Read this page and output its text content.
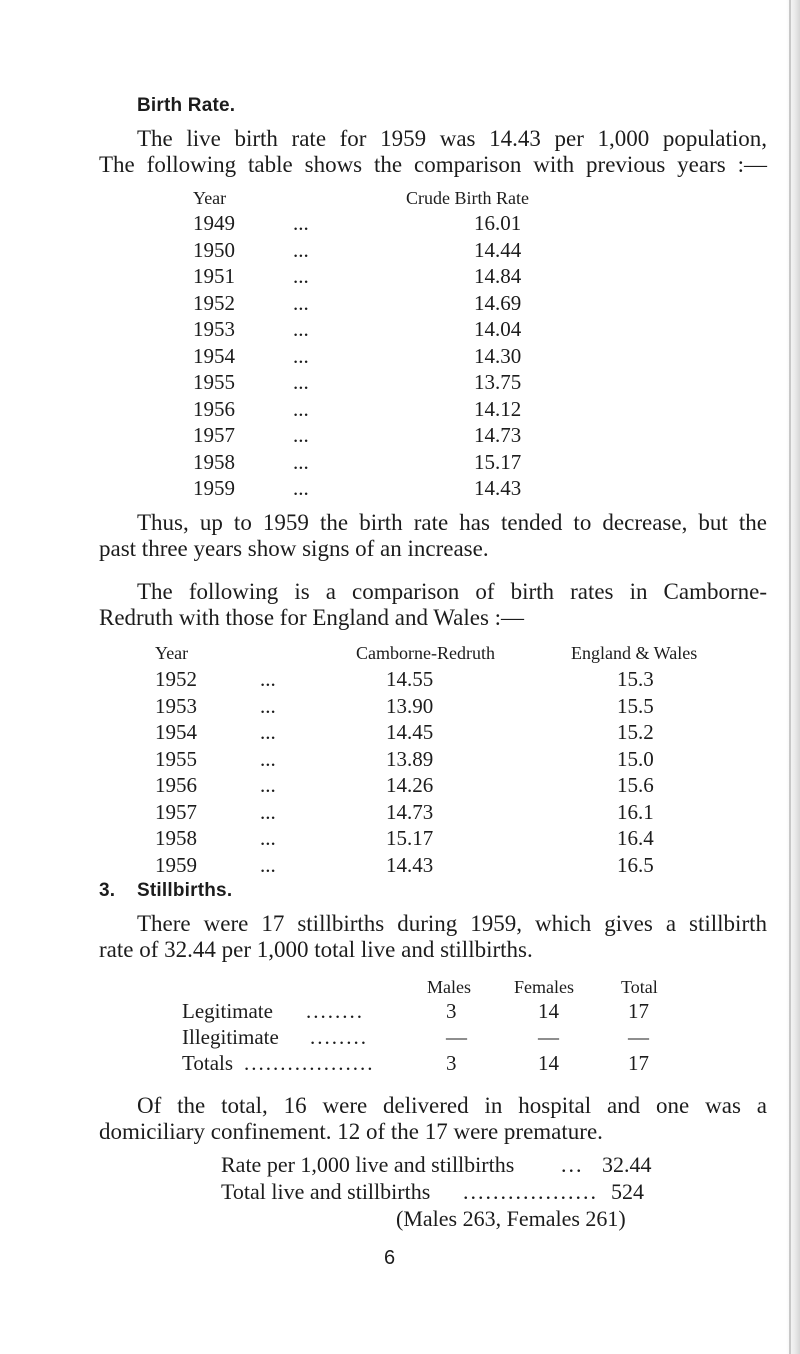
Birth Rate.
The live birth rate for 1959 was 14.43 per 1,000 population,
The following table shows the comparison with previous years :—
Year	Crude Birth Rate
1949	...	16.01
1950	...	14.44
1951	...	14.84
1952	...	14.69
1953	...	14.04
1954	...	14.30
1955	...	13.75
1956	...	14.12
1957	...	14.73
1958	...	15.17
1959	...	14.43
Thus, up to 1959 the birth rate has tended to decrease, but the
past three years show signs of an increase.
The following is a comparison of birth rates in Camborne-
Redruth with those for England and Wales :—
Year	Camborne-Redruth	England & Wales
1952	...	14.55	15.3
1953	...	13.90	15.5
1954	...	14.45	15.2
1955	...	13.89	15.0
1956	...	14.26	15.6
1957	...	14.73	16.1
1958	...	15.17	16.4
1959	...	14.43	16.5
3. Stillbirths.
There were 17 stillbirths during 1959, which gives a stillbirth
rate of 32.44 per 1,000 total live and stillbirths.
Males Females	Total
Legitimate ........	3	14	17
Illegitimate ........	—	—	—
Totals ..................	3	14	17
Of the total, 16 were delivered in hospital and one was a
domiciliary confinement. 12 of the 17 were premature.
Rate per 1,000 live and stillbirths ... 32.44
Total live and stillbirths .................. 524
(Males 263, Females 261)
6
